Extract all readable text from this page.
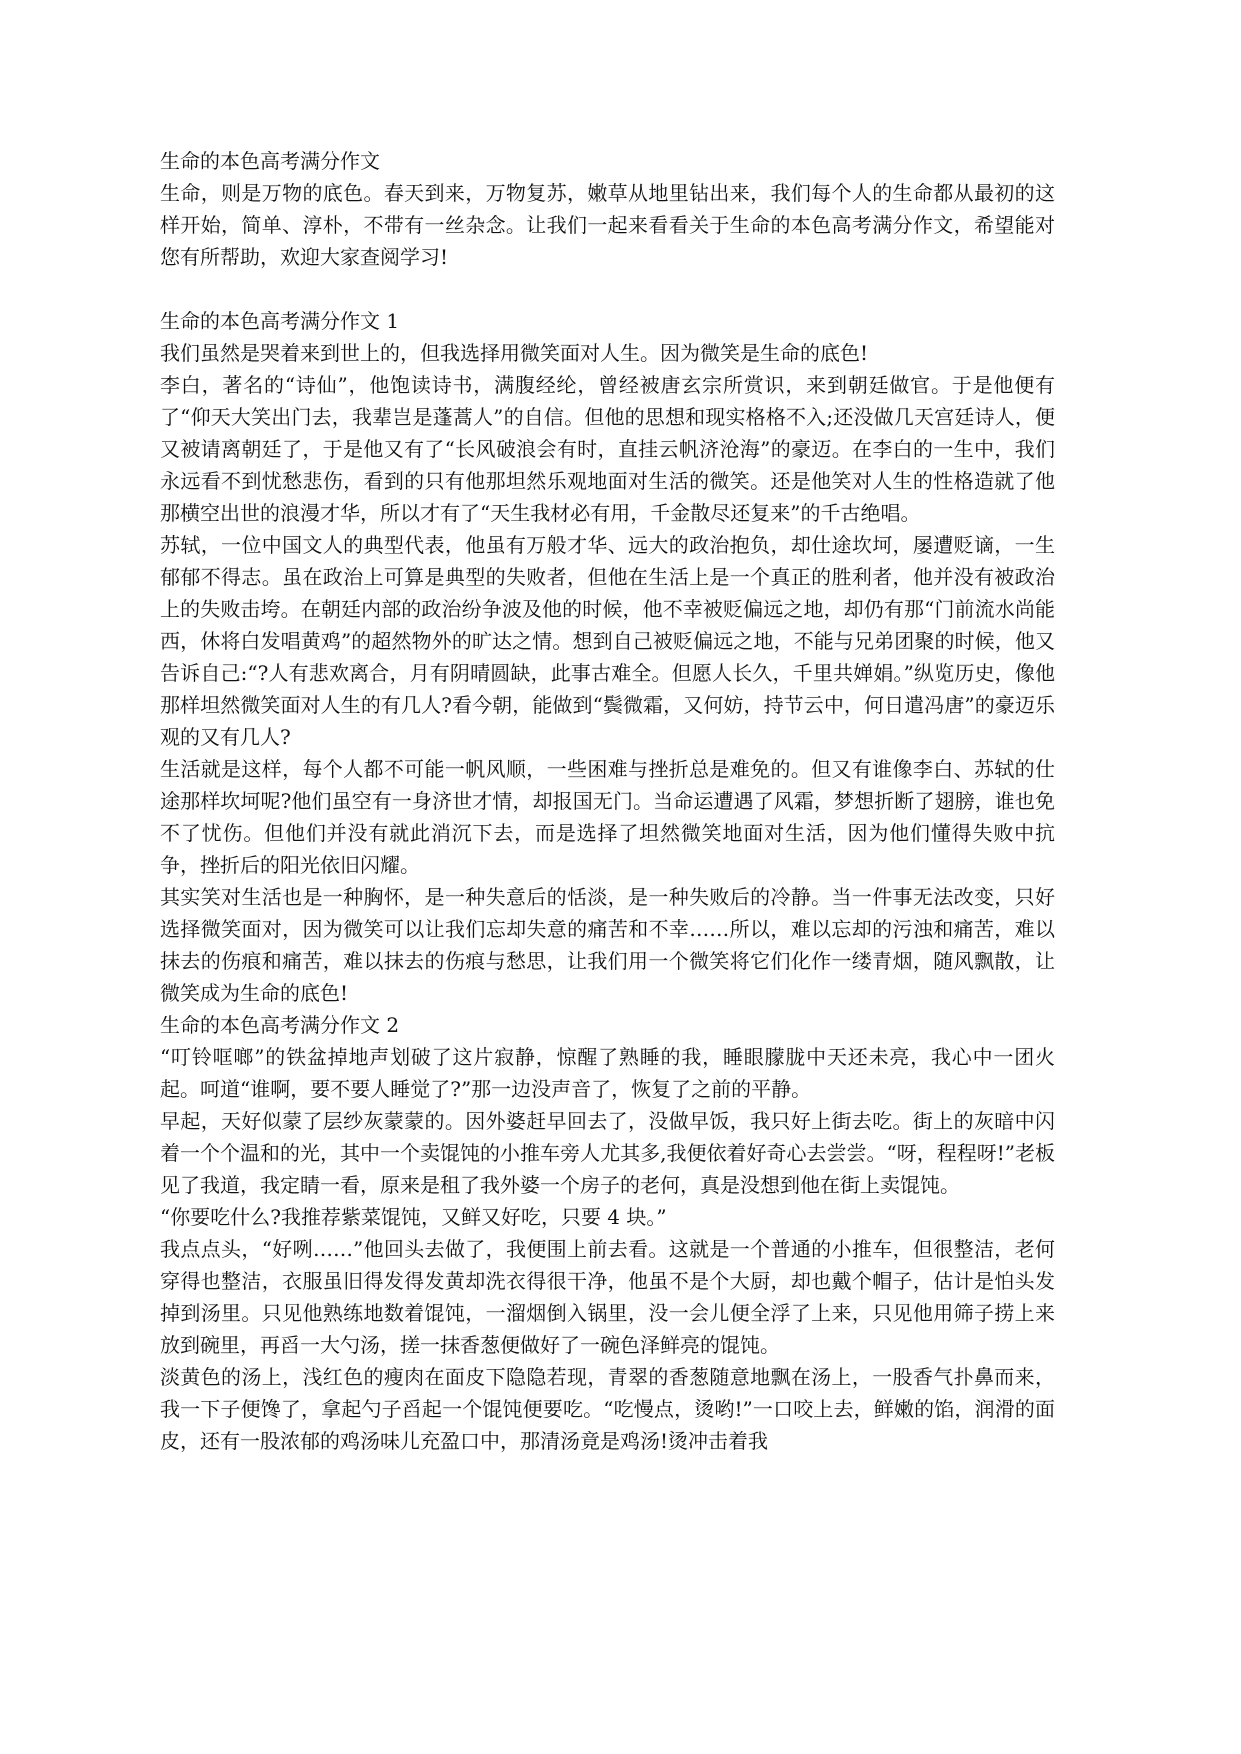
生命的本色高考满分作文

生命，则是万物的底色。春天到来，万物复苏，嫩草从地里钻出来，我们每个人的生命都从最初的这样开始，简单、淳朴，不带有一丝杂念。让我们一起来看看关于生命的本色高考满分作文，希望能对您有所帮助，欢迎大家查阅学习!

生命的本色高考满分作文 1

我们虽然是哭着来到世上的，但我选择用微笑面对人生。因为微笑是生命的底色!

李白，著名的“诗仙”，他饱读诗书，满腹经纶，曾经被唐玄宗所赏识，来到朝廷做官。于是他便有了“仰天大笑出门去，我辈岂是蓬蒿人”的自信。但他的思想和现实格格不入;还没做几天宫廷诗人，便又被请离朝廷了，于是他又有了“长风破浪会有时，直挂云帆济沧海”的豪迈。在李白的一生中，我们永远看不到忧愁悲伤，看到的只有他那坦然乐观地面对生活的微笑。还是他笑对人生的性格造就了他那横空出世的浪漫才华，所以才有了“天生我材必有用，千金散尽还复来”的千古绝唱。

苏轼，一位中国文人的典型代表，他虽有万般才华、远大的政治抱负，却仕途坎坷，屡遭贬谪，一生郁郁不得志。虽在政治上可算是典型的失败者，但他在生活上是一个真正的胜利者，他并没有被政治上的失败击垮。在朝廷内部的政治纷争波及他的时候，他不幸被贬偏远之地，却仍有那“门前流水尚能西，休将白发唱黄鸡”的超然物外的旷达之情。想到自己被贬偏远之地，不能与兄弟团聚的时候，他又告诉自己:“?人有悲欢离合，月有阴晴圆缺，此事古难全。但愿人长久，千里共婵娟。”纵览历史，像他那样坦然微笑面对人生的有几人?看今朝，能做到“鬓微霜，又何妨，持节云中，何日遣冯唐”的豪迈乐观的又有几人?

生活就是这样，每个人都不可能一帆风顺，一些困难与挫折总是难免的。但又有谁像李白、苏轼的仕途那样坎坷呢?他们虽空有一身济世才情，却报国无门。当命运遭遇了风霜，梦想折断了翅膀，谁也免不了忧伤。但他们并没有就此消沉下去，而是选择了坦然微笑地面对生活，因为他们懂得失败中抗争，挫折后的阳光依旧闪耀。

其实笑对生活也是一种胸怀，是一种失意后的恬淡，是一种失败后的冷静。当一件事无法改变，只好选择微笑面对，因为微笑可以让我们忘却失意的痛苦和不幸……所以，难以忘却的污浊和痛苦，难以抹去的伤痕和痛苦，难以抹去的伤痕与愁思，让我们用一个微笑将它们化作一缕青烟，随风飘散，让微笑成为生命的底色!

生命的本色高考满分作文 2

“叮铃哐啷”的铁盆掉地声划破了这片寂静，惊醒了熟睡的我，睡眼朦胧中天还未亮，我心中一团火起。呵道“谁啊，要不要人睡觉了?”那一边没声音了，恢复了之前的平静。

早起，天好似蒙了层纱灰蒙蒙的。因外婆赶早回去了，没做早饭，我只好上街去吃。街上的灰暗中闪着一个个温和的光，其中一个卖馄饨的小推车旁人尤其多,我便依着好奇心去尝尝。“呀，程程呀!”老板见了我道，我定睛一看，原来是租了我外婆一个房子的老何，真是没想到他在街上卖馄饨。

“你要吃什么?我推荐紫菜馄饨，又鲜又好吃，只要 4 块。”

我点点头，“好咧……”他回头去做了，我便围上前去看。这就是一个普通的小推车，但很整洁，老何穿得也整洁，衣服虽旧得发得发黄却洗衣得很干净，他虽不是个大厨，却也戴个帽子，估计是怕头发掉到汤里。只见他熟练地数着馄饨，一溜烟倒入锅里，没一会儿便全浮了上来，只见他用筛子捞上来放到碗里，再舀一大勺汤，搓一抹香葱便做好了一碗色泽鲜亮的馄饨。

淡黄色的汤上，浅红色的瘦肉在面皮下隐隐若现，青翠的香葱随意地飘在汤上，一股香气扑鼻而来，我一下子便馋了，拿起勺子舀起一个馄饨便要吃。“吃慢点，烫哟!”一口咬上去，鲜嫩的馅，润滑的面皮，还有一股浓郁的鸡汤味儿充盈口中，那清汤竟是鸡汤!烫冲击着我
